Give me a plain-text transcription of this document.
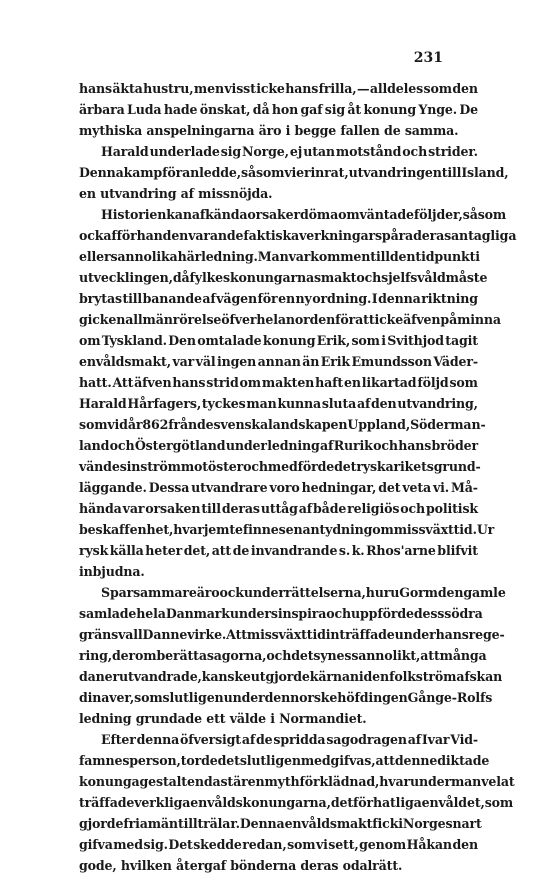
231
hans äkta hustru, men visst icke hans frilla, — alldeles som den
ärbara Luda hade önskat, då hon gaf sig åt konung Ynge. De
mythiska anspelningarna äro i begge fallen de samma.
Harald underlade sig Norge, ej utan motstånd och strider.
Denna kamp föranledde, såsom vi erinrat, utvandringen till Island,
en utvandring af missnöjda.
Historien kan af kända orsaker döma om väntade följder, såsom
ock af förhandenvarande faktiska verkningar spåra deras antagliga
eller sannolika härledning. Man var kommen till den tidpunkt i
utvecklingen, då fylkeskonungarnas makt och sjelfsvåld måste
brytas till banande af vägen för en ny ordning. I denna riktning
gick en allmän rörelse öfver hela norden för att icke äfven påminna
om Tyskland. Den omtalade konung Erik, som i Svithjod tagit
envåldsmakt, var väl ingen annan än Erik Emundsson Väder-
hatt. Att äfven hans strid om makten haft en likartad följd som
Harald Hårfagers, tyckes man kunna sluta af den utvandring,
som vid år 862 från de svenska landskapen Uppland, Söderman-
land och Östergötland under ledning af Rurik och hans bröder
vände sin ström mot öster och medförde det ryska rikets grund-
läggande. Dessa utvandrare voro hedningar, det veta vi. Må-
hända var orsaken till deras uttåg af både religiös och politisk
beskaffenhet, hvarjemte finnes en antydning om missväxttid. Ur
rysk källa heter det, att de invandrande s. k. Rhos'arne blifvit
inbjudna.
Sparsammare äro ock underrättelserna, huru Gorm den gamle
samlade hela Danmark under sin spira och uppförde dess södra
gränsvall Dannevirke. Att missväxttid inträffade under hans rege-
ring, derom berätta sagorna, och det synes sannolikt, att många
daner utvandrade, kanske utgjorde kärnan i den folkström af skan
dinaver, som slutligen under den norske höfdingen Gånge-Rolfs
ledning grundade ett välde i Normandiet.
Efter denna öfversigt af de spridda sagodragen af Ivar Vid-
famnes person, torde det slutligen medgifvas, att denne diktade
konungagestalt endast är en mythförklädnad, hvarunder man velat
träffa de verkliga envåldskonungarna, det förhatliga envåldet, som
gjorde fria män till trälar. Denna envåldsmakt fick i Norge snart
gifva med sig. Det skedde redan, som vi sett, genom Håkan den
gode, hvilken återgaf bönderna deras odalrätt.
